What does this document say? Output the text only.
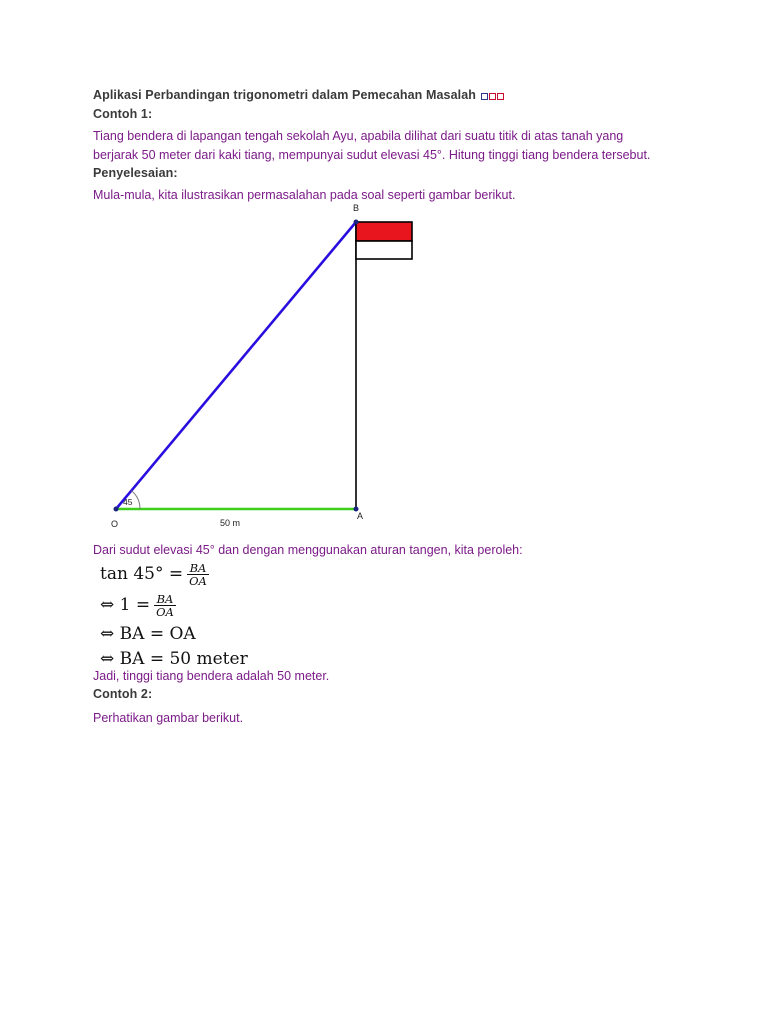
Aplikasi Perbandingan trigonometri dalam Pemecahan Masalah
Contoh 1:
Tiang bendera di lapangan tengah sekolah Ayu, apabila dilihat dari suatu titik di atas tanah yang
berjarak 50 meter dari kaki tiang, mempunyai sudut elevasi 45°. Hitung tinggi tiang bendera tersebut.
Penyelesaian:
Mula-mula, kita ilustrasikan permasalahan pada soal seperti gambar berikut.
B
A
O
45
50 m
Dari sudut elevasi 45° dan dengan menggunakan aturan tangen, kita peroleh:
$\tan 45^\circ = \frac{BA}{OA}$
⇔ $1 = \frac{BA}{OA}$
⇔ BA = OA
⇔ BA = 50 meter
Jadi, tinggi tiang bendera adalah 50 meter.
Contoh 2:
Perhatikan gambar berikut.
